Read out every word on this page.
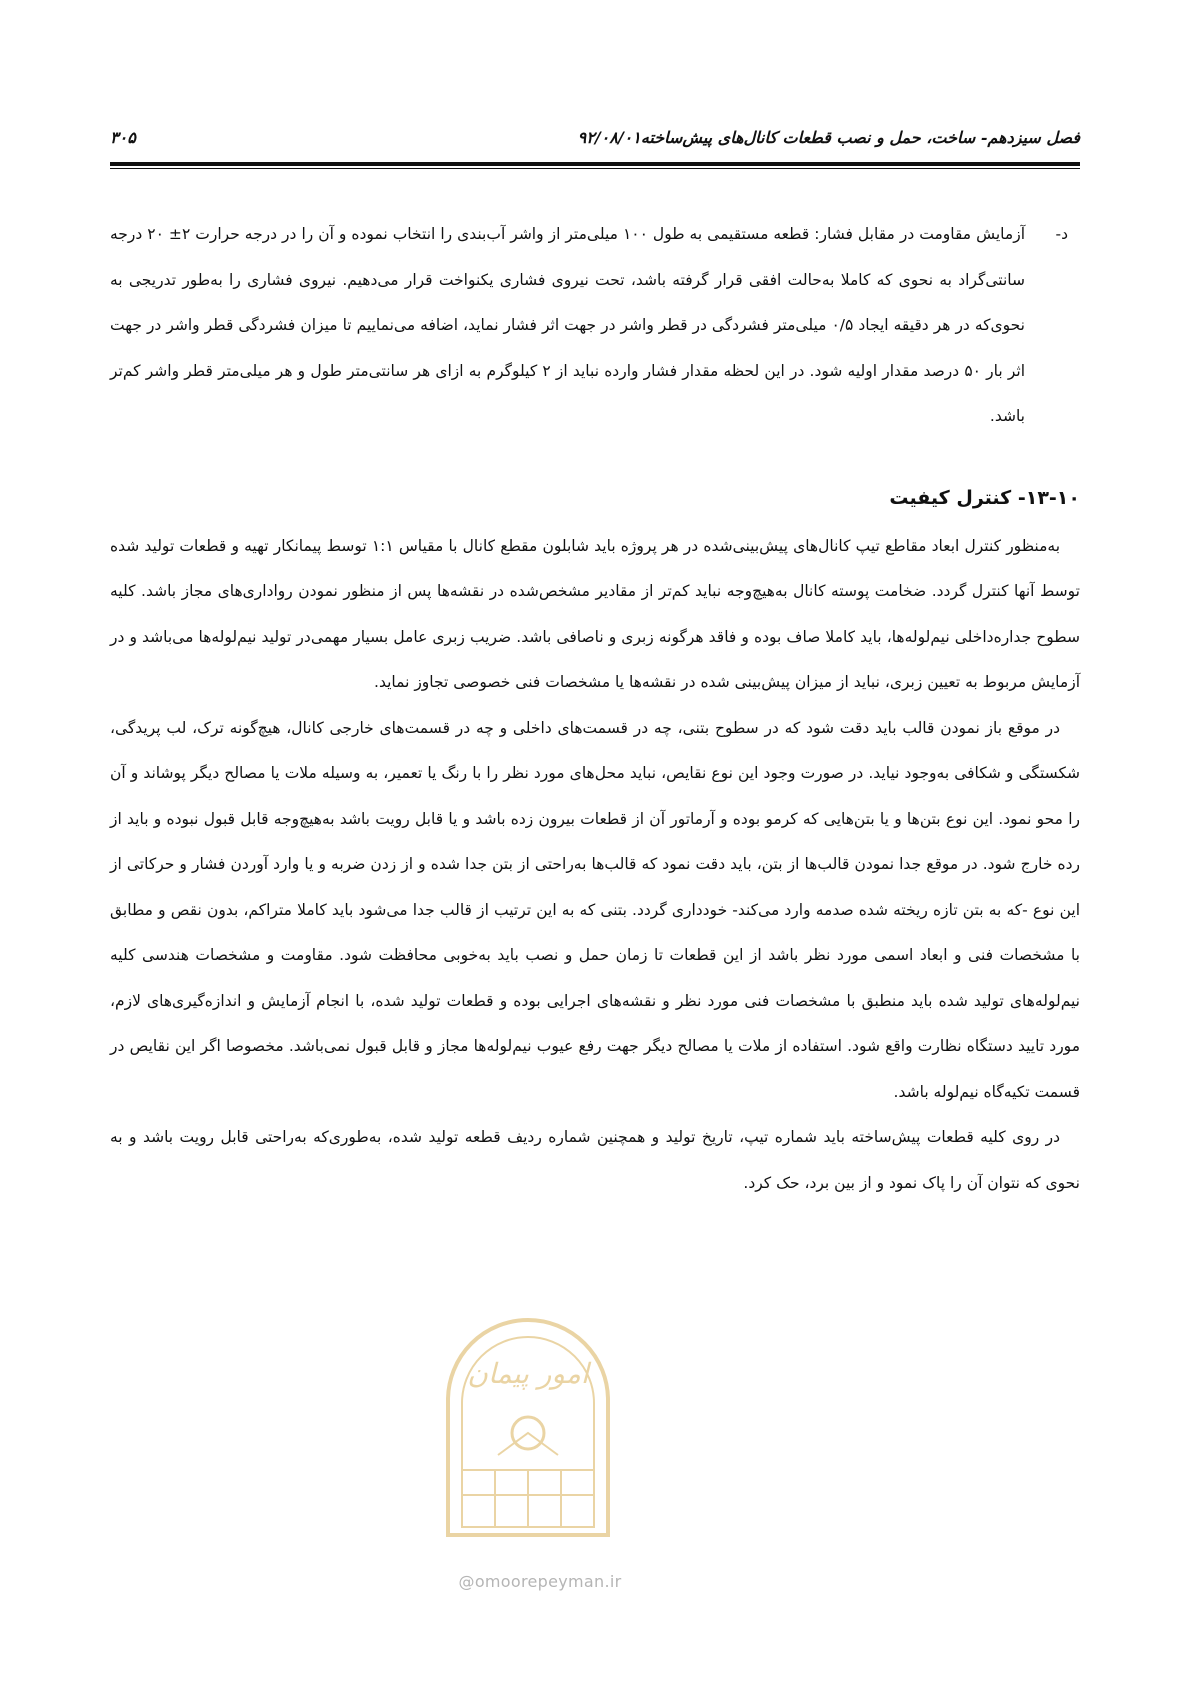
فصل سیزدهم- ساخت، حمل و نصب قطعات کانال‌های پیش‌ساخته۹۲/۰۸/۰۱
۳۰۵
د-
آزمایش مقاومت در مقابل فشار: قطعه مستقیمی به طول ۱۰۰ میلی‌متر از واشر آب‌بندی را انتخاب نموده و آن را در درجه حرارت ۲± ۲۰ درجه سانتی‌گراد به نحوی که کاملا به‌حالت افقی قرار گرفته باشد، تحت نیروی فشاری یکنواخت قرار می‌دهیم. نیروی فشاری را به‌طور تدریجی به نحوی‌که در هر دقیقه ایجاد ۰/۵ میلی‌متر فشردگی در قطر واشر در جهت اثر فشار نماید، اضافه می‌نماییم تا میزان فشردگی قطر واشر در جهت اثر بار ۵۰ درصد مقدار اولیه شود. در این لحظه مقدار فشار وارده نباید از ۲ کیلوگرم به ازای هر سانتی‌متر طول و هر میلی‌متر قطر واشر کم‌تر باشد.
۱۳-۱۰- کنترل کیفیت

به‌منظور کنترل ابعاد مقاطع تیپ کانال‌های پیش‌بینی‌شده در هر پروژه باید شابلون مقطع کانال با مقیاس ۱:۱ توسط پیمانکار تهیه و قطعات تولید شده توسط آنها کنترل گردد. ضخامت پوسته کانال به‌هیچ‌وجه نباید کم‌تر از مقادیر مشخص‌شده در نقشه‌ها پس از منظور نمودن رواداری‌های مجاز باشد. کلیه سطوح جداره‌داخلی نیم‌لوله‌ها، باید کاملا صاف بوده و فاقد هرگونه زبری و ناصافی باشد. ضریب زبری عامل بسیار مهمی‌در تولید نیم‌لوله‌ها می‌باشد و در آزمایش مربوط به تعیین زبری، نباید از میزان پیش‌بینی شده در نقشه‌ها یا مشخصات فنی خصوصی تجاوز نماید.

در موقع باز نمودن قالب باید دقت شود که در سطوح بتنی، چه در قسمت‌های داخلی و چه در قسمت‌های خارجی کانال، هیچ‌گونه ترک، لب پریدگی، شکستگی و شکافی به‌وجود نیاید. در صورت وجود این نوع نقایص، نباید محل‌های مورد نظر را با رنگ یا تعمیر، به وسیله ملات یا مصالح دیگر پوشاند و آن را محو نمود. این نوع بتن‌ها و یا بتن‌هایی که کرمو بوده و آرماتور آن از قطعات بیرون زده باشد و یا قابل رویت باشد به‌هیچ‌وجه قابل قبول نبوده و باید از رده خارج شود. در موقع جدا نمودن قالب‌ها از بتن، باید دقت نمود که قالب‌ها به‌راحتی از بتن جدا شده و از زدن ضربه و یا وارد آوردن فشار و حرکاتی از این نوع -که به بتن تازه ریخته شده صدمه وارد می‌کند- خودداری گردد. بتنی که به این ترتیب از قالب جدا می‌شود باید کاملا متراکم، بدون نقص و مطابق با مشخصات فنی و ابعاد اسمی مورد نظر باشد از این قطعات تا زمان حمل و نصب باید به‌خوبی محافظت شود. مقاومت و مشخصات هندسی کلیه نیم‌لوله‌های تولید شده باید منطبق با مشخصات فنی مورد نظر و نقشه‌های اجرایی بوده و قطعات تولید شده، با انجام آزمایش و اندازه‌گیری‌های لازم، مورد تایید دستگاه نظارت واقع شود. استفاده از ملات یا مصالح دیگر جهت رفع عیوب نیم‌لوله‌ها مجاز و قابل قبول نمی‌باشد. مخصوصا اگر این نقایص در قسمت تکیه‌گاه نیم‌لوله باشد.

در روی کلیه قطعات پیش‌ساخته باید شماره تیپ، تاریخ تولید و همچنین شماره ردیف قطعه تولید شده، به‌طوری‌که به‌راحتی قابل رویت باشد و به نحوی که نتوان آن را پاک نمود و از بین برد، حک کرد.

امور پیمان
@omoorepeyman.ir
